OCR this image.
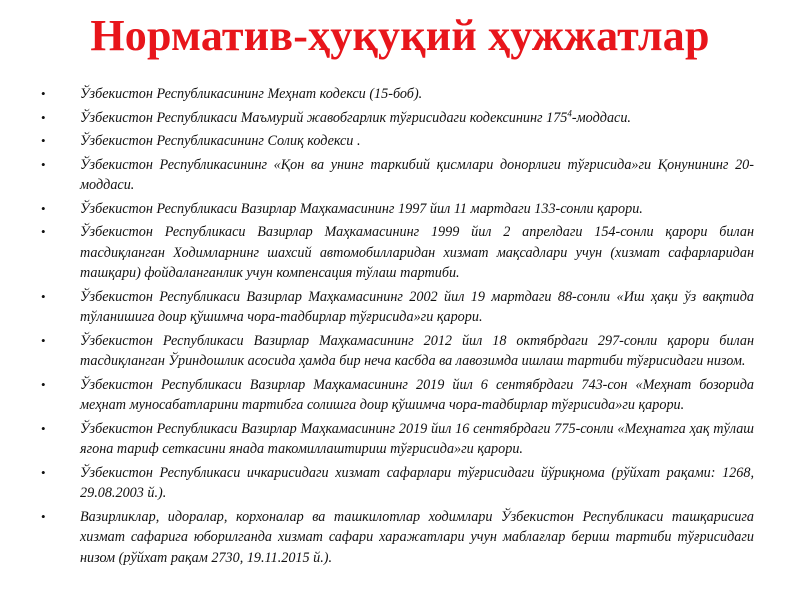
Норматив-ҳуқуқий ҳужжатлар
• Ўзбекистон Республикасининг Меҳнат кодекси (15-боб).
• Ўзбекистон Республикаси Маъмурий жавобгарлик тўғрисидаги кодексининг $175^4$-моддаси.
• Ўзбекистон Республикасининг Солиқ кодекси .
• Ўзбекистон Республикасининг «Қон ва унинг таркибий қисмлари донорлиги тўғрисида»ги Қонунининг 20-моддаси.
• Ўзбекистон Республикаси Вазирлар Маҳкамасининг 1997 йил 11 мартдаги 133-сонли қарори.
• Ўзбекистон Республикаси Вазирлар Маҳкамасининг 1999 йил 2 апрелдаги 154-сонли қарори билан тасдиқланган Ходимларнинг шахсий автомобилларидан хизмат мақсадлари учун (хизмат сафарларидан ташқари) фойдаланганлик учун компенсация тўлаш тартиби.
• Ўзбекистон Республикаси Вазирлар Маҳкамасининг 2002 йил 19 мартдаги 88-сонли «Иш ҳақи ўз вақтида тўланишига доир қўшимча чора-тадбирлар тўғрисида»ги қарори.
• Ўзбекистон Республикаси Вазирлар Маҳкамасининг 2012 йил 18 октябрдаги 297-сонли қарори билан тасдиқланган Ўриндошлик асосида ҳамда бир неча касбда ва лавозимда ишлаш тартиби тўғрисидаги низом.
• Ўзбекистон Республикаси Вазирлар Маҳкамасининг 2019 йил 6 сентябрдаги 743-сон «Меҳнат бозорида меҳнат муносабатларини тартибга солишга доир қўшимча чора-тадбирлар тўғрисида»ги қарори.
• Ўзбекистон Республикаси Вазирлар Маҳкамасининг 2019 йил 16 сентябрдаги 775-сонли «Меҳнатга ҳақ тўлаш ягона тариф сеткасини янада такомиллаштириш тўғрисида»ги қарори.
• Ўзбекистон Республикаси ичкарисидаги хизмат сафарлари тўғрисидаги йўриқнома (рўйхат рақами: 1268, 29.08.2003 й.).
• Вазирликлар, идоралар, корхоналар ва ташкилотлар ходимлари Ўзбекистон Республикаси ташқарисига хизмат сафарига юборилганда хизмат сафари харажатлари учун маблағлар бериш тартиби тўғрисидаги низом (рўйхат рақам 2730, 19.11.2015 й.).
